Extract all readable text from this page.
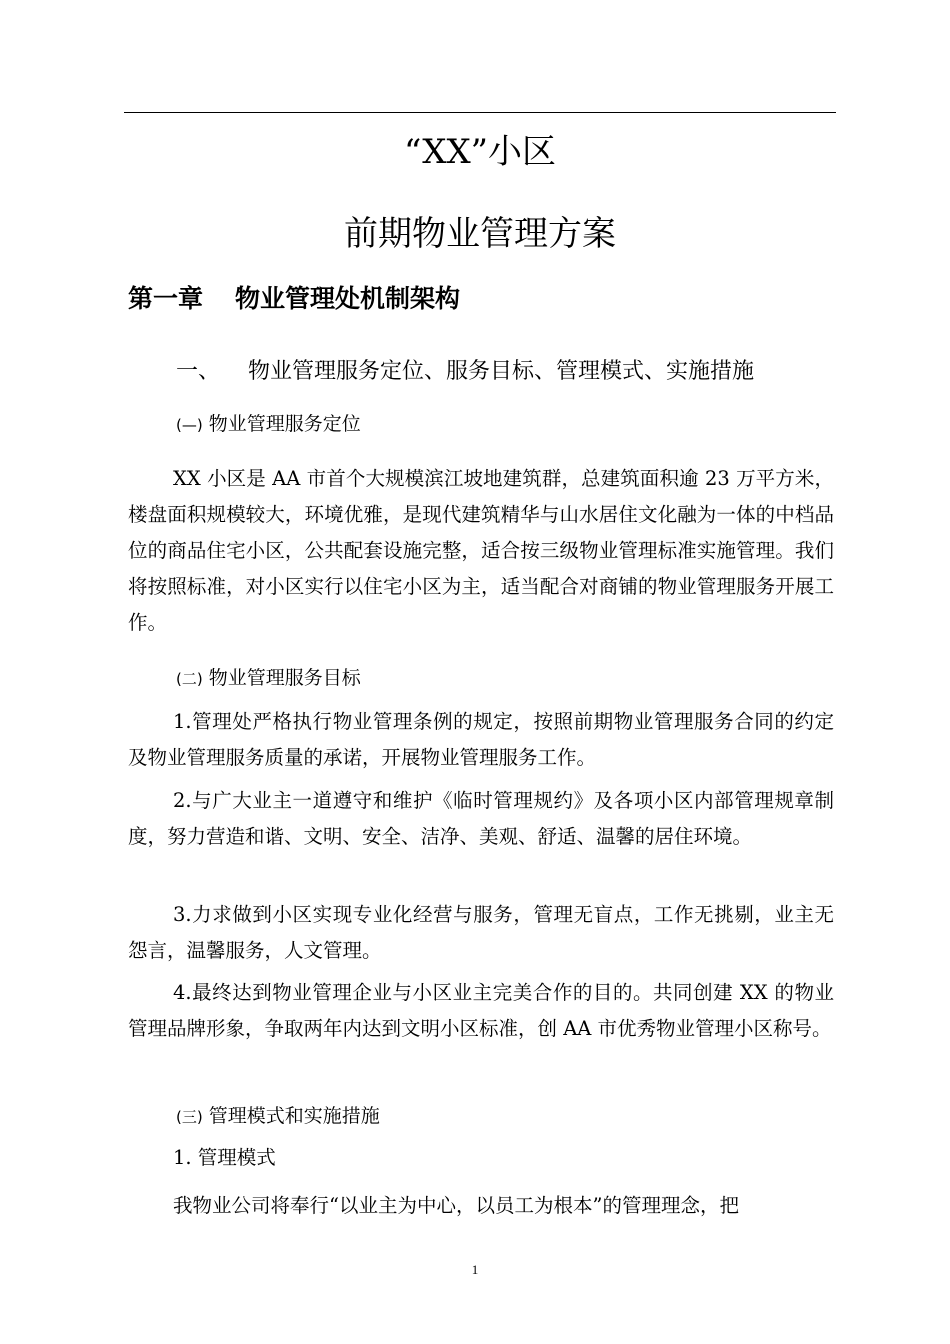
“XX”小区
前期物业管理方案
第一章 物业管理处机制架构
一、 物业管理服务定位、服务目标、管理模式、实施措施
(—) 物业管理服务定位

XX 小区是 AA 市首个大规模滨江坡地建筑群，总建筑面积逾 23 万平方米，楼盘面积规模较大，环境优雅，是现代建筑精华与山水居住文化融为一体的中档品位的商品住宅小区，公共配套设施完整，适合按三级物业管理标准实施管理。我们将按照标准，对小区实行以住宅小区为主，适当配合对商铺的物业管理服务开展工作。

(二) 物业管理服务目标

1.管理处严格执行物业管理条例的规定，按照前期物业管理服务合同的约定及物业管理服务质量的承诺，开展物业管理服务工作。

2.与广大业主一道遵守和维护《临时管理规约》及各项小区内部管理规章制度，努力营造和谐、文明、安全、洁净、美观、舒适、温馨的居住环境。

3.力求做到小区实现专业化经营与服务，管理无盲点，工作无挑剔，业主无怨言，温馨服务，人文管理。

4.最终达到物业管理企业与小区业主完美合作的目的。共同创建 XX 的物业管理品牌形象，争取两年内达到文明小区标准，创 AA 市优秀物业管理小区称号。

(三) 管理模式和实施措施
1. 管理模式

我物业公司将奉行“以业主为中心，以员工为根本”的管理理念，把

1
